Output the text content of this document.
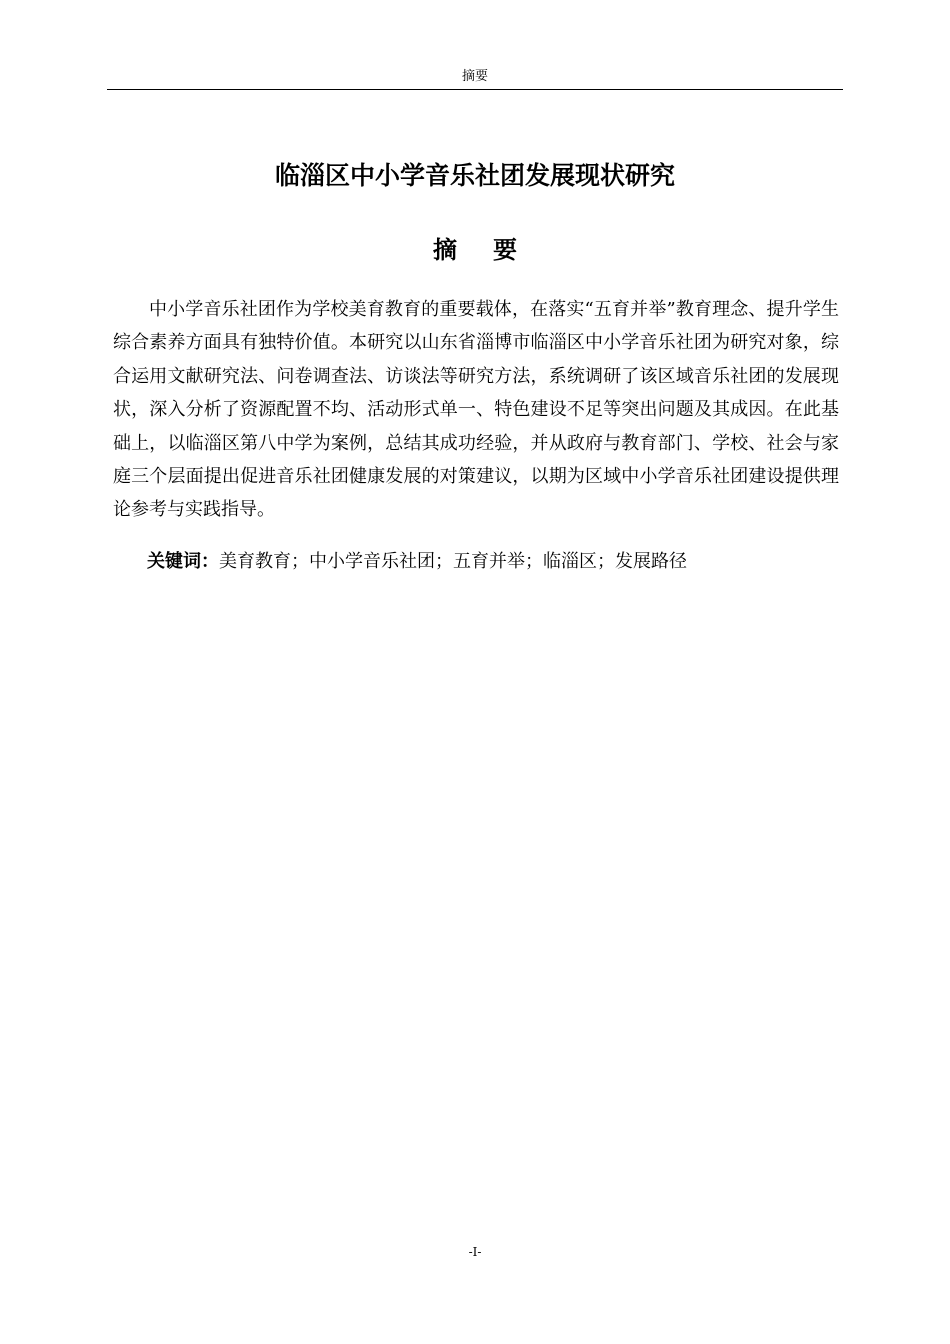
摘要
临淄区中小学音乐社团发展现状研究
摘要

中小学音乐社团作为学校美育教育的重要载体，在落实“五育并举”教育理念、提升学生综合素养方面具有独特价值。本研究以山东省淄博市临淄区中小学音乐社团为研究对象，综合运用文献研究法、问卷调查法、访谈法等研究方法，系统调研了该区域音乐社团的发展现状，深入分析了资源配置不均、活动形式单一、特色建设不足等突出问题及其成因。在此基础上，以临淄区第八中学为案例，总结其成功经验，并从政府与教育部门、学校、社会与家庭三个层面提出促进音乐社团健康发展的对策建议，以期为区域中小学音乐社团建设提供理论参考与实践指导。

关键词：美育教育；中小学音乐社团；五育并举；临淄区；发展路径

-I-
